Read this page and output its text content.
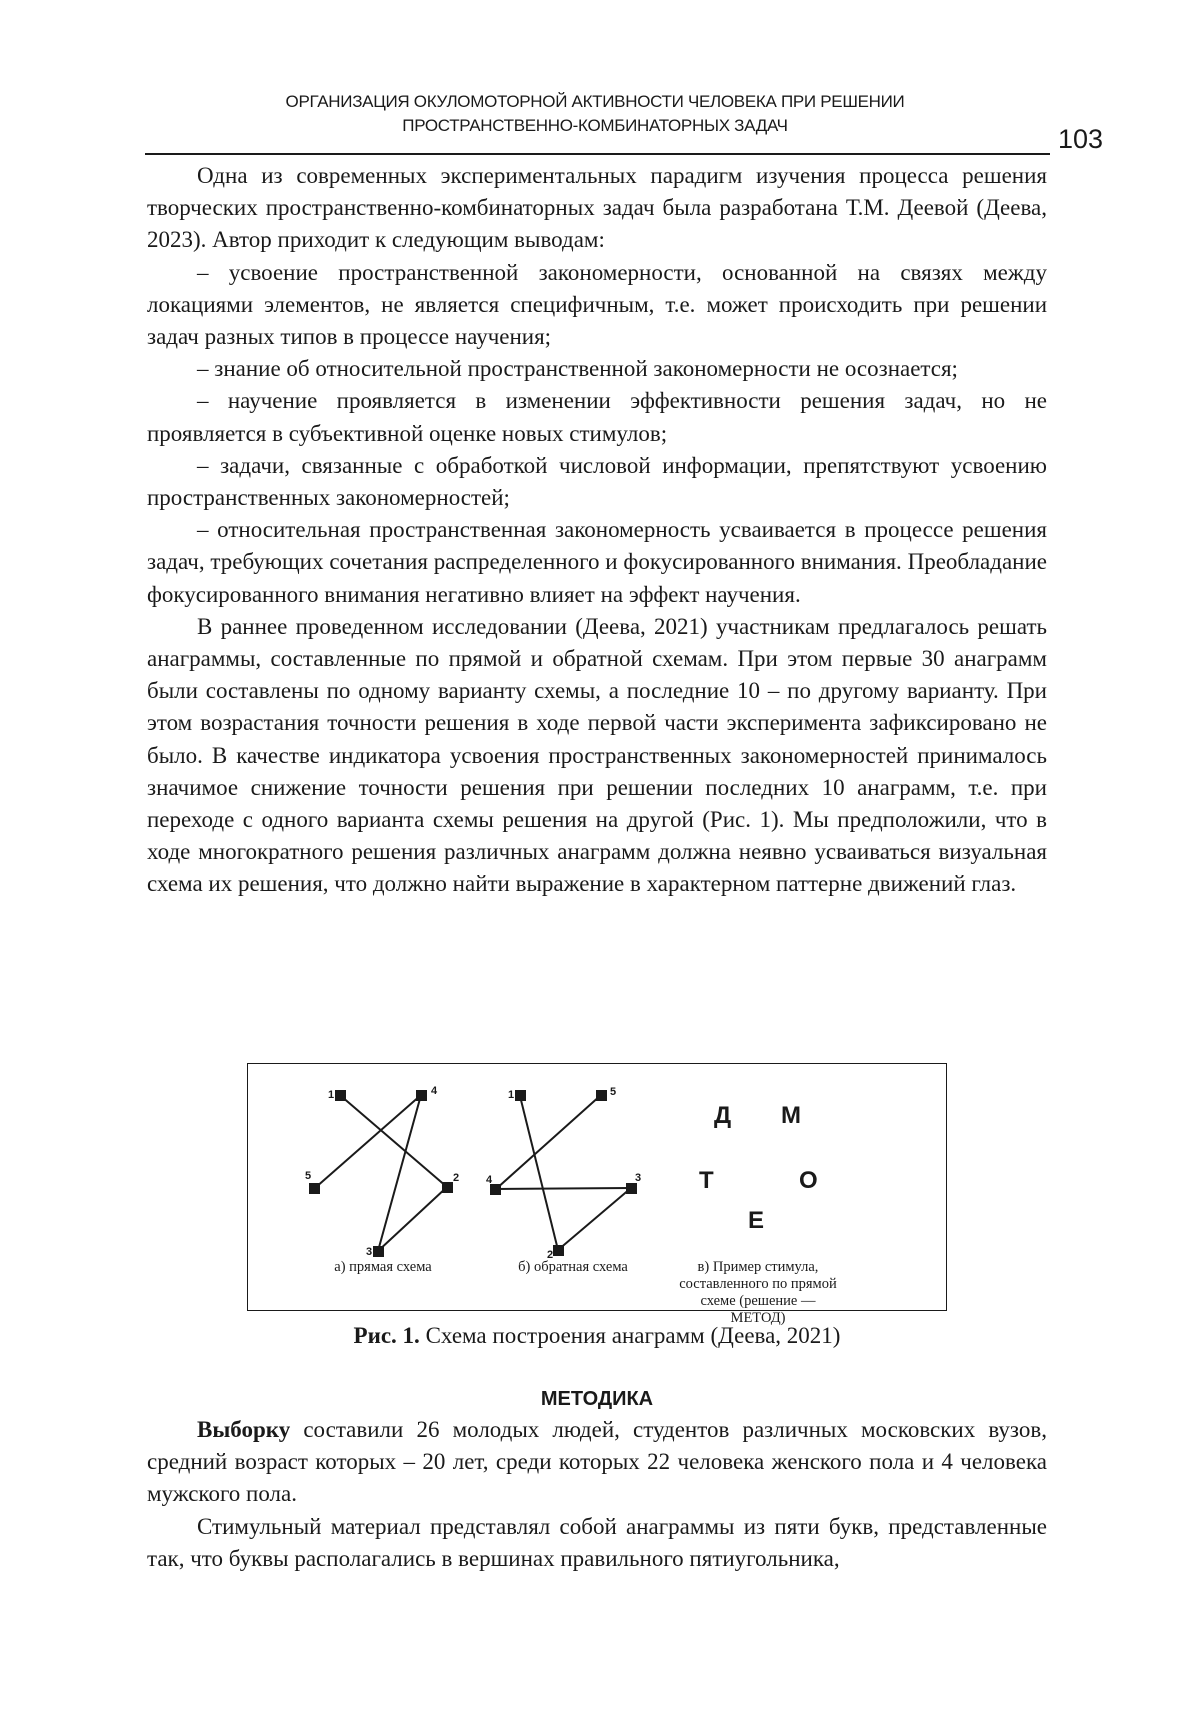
ОРГАНИЗАЦИЯ ОКУЛОМОТОРНОЙ АКТИВНОСТИ ЧЕЛОВЕКА ПРИ РЕШЕНИИ
ПРОСТРАНСТВЕННО-КОМБИНАТОРНЫХ ЗАДАЧ	103

Одна из современных экспериментальных парадигм изучения процесса решения творческих пространственно-комбинаторных задач была разработана Т.М. Деевой (Деева, 2023). Автор приходит к следующим выводам:

– усвоение пространственной закономерности, основанной на связях между локациями элементов, не является специфичным, т.е. может происходить при решении задач разных типов в процессе научения;

– знание об относительной пространственной закономерности не осознается;

– научение проявляется в изменении эффективности решения задач, но не проявляется в субъективной оценке новых стимулов;

– задачи, связанные с обработкой числовой информации, препятствуют усвоению пространственных закономерностей;

– относительная пространственная закономерность усваивается в процессе решения задач, требующих сочетания распределенного и фокусированного внимания. Преобладание фокусированного внимания негативно влияет на эффект научения.

В раннее проведенном исследовании (Деева, 2021) участникам предлагалось решать анаграммы, составленные по прямой и обратной схемам. При этом первые 30 анаграмм были составлены по одному варианту схемы, а последние 10 – по другому варианту. При этом возрастания точности решения в ходе первой части эксперимента зафиксировано не было. В качестве индикатора усвоения пространственных закономерностей принималось значимое снижение точности решения при решении последних 10 анаграмм, т.е. при переходе с одного варианта схемы решения на другой (Рис. 1). Мы предположили, что в ходе многократного решения различных анаграмм должна неявно усваиваться визуальная схема их решения, что должно найти выражение в характерном паттерне движений глаз.

1
2
3
4
5
1
2
3
4
5
а) прямая схема	б) обратная схема
Д М
Т	О
Е
в) Пример стимула,
составленного по прямой
схеме (решение —
МЕТОД)
Рис. 1. Схема построения анаграмм (Деева, 2021)
МЕТОДИКА

Выборку составили 26 молодых людей, студентов различных московских вузов, средний возраст которых – 20 лет, среди которых 22 человека женского пола и 4 человека мужского пола.

Стимульный материал представлял собой анаграммы из пяти букв, представленные так, что буквы располагались в вершинах правильного пятиугольника,
